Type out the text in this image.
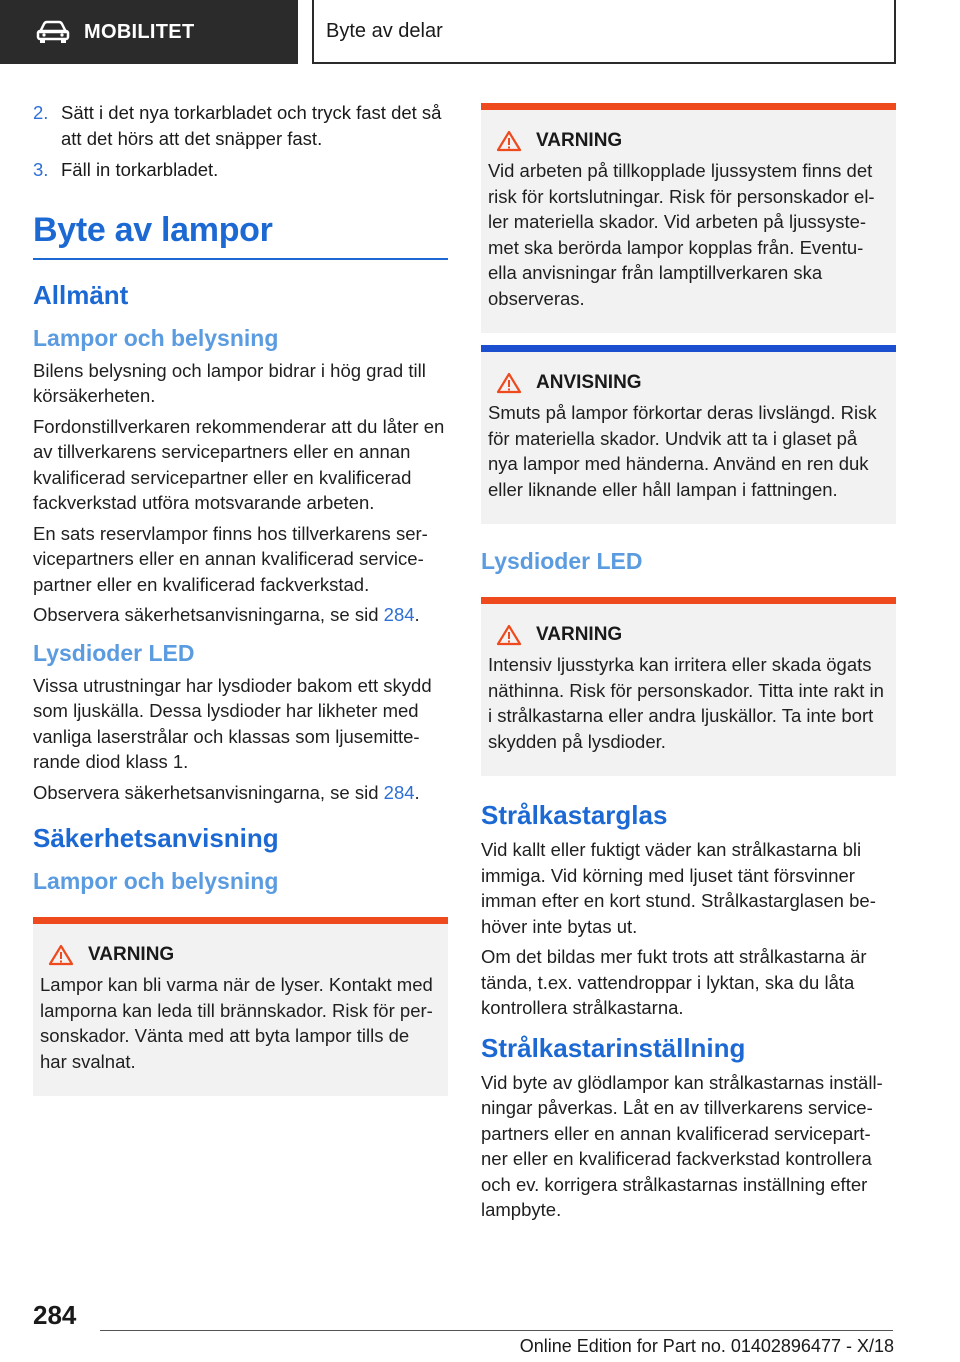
MOBILITET	Byte av delar
2. Sätt i det nya torkarbladet och tryck fast det så att det hörs att det snäpper fast.
3. Fäll in torkarbladet.
Byte av lampor
Allmänt
Lampor och belysning

Bilens belysning och lampor bidrar i hög grad till körsäkerheten.

Fordonstillverkaren rekommenderar att du låter en av tillverkarens servicepartners eller en annan kvalificerad servicepartner eller en kvalificerad fackverkstad utföra motsvarande arbeten.

En sats reservlampor finns hos tillverkarens ser-vicepartners eller en annan kvalificerad service-partner eller en kvalificerad fackverkstad.

Observera säkerhetsanvisningarna, se sid 284.

Lysdioder LED

Vissa utrustningar har lysdioder bakom ett skydd som ljuskälla. Dessa lysdioder har likheter med vanliga laserstrålar och klassas som ljusemitte-rande diod klass 1.

Observera säkerhetsanvisningarna, se sid 284.

Säkerhetsanvisning
Lampor och belysning
VARNING

Lampor kan bli varma när de lyser. Kontakt med lamporna kan leda till brännskador. Risk för per-sonskador. Vänta med att byta lampor tills de har svalnat.

VARNING

Vid arbeten på tillkopplade ljussystem finns det risk för kortslutningar. Risk för personskador el-ler materiella skador. Vid arbeten på ljussyste-met ska berörda lampor kopplas från. Eventu-ella anvisningar från lamptillverkaren ska observeras.

ANVISNING

Smuts på lampor förkortar deras livslängd. Risk för materiella skador. Undvik att ta i glaset på nya lampor med händerna. Använd en ren duk eller liknande eller håll lampan i fattningen.

Lysdioder LED
VARNING

Intensiv ljusstyrka kan irritera eller skada ögats näthinna. Risk för personskador. Titta inte rakt in i strålkastarna eller andra ljuskällor. Ta inte bort skydden på lysdioder.

Strålkastarglas

Vid kallt eller fuktigt väder kan strålkastarna bli immiga. Vid körning med ljuset tänt försvinner imman efter en kort stund. Strålkastarglasen be-höver inte bytas ut.

Om det bildas mer fukt trots att strålkastarna är tända, t.ex. vattendroppar i lyktan, ska du låta kontrollera strålkastarna.

Strålkastarinställning

Vid byte av glödlampor kan strålkastarnas inställ-ningar påverkas. Låt en av tillverkarens service-partners eller en annan kvalificerad servicepart-ner eller en kvalificerad fackverkstad kontrollera och ev. korrigera strålkastarnas inställning efter lampbyte.

284
Online Edition for Part no. 01402896477 - X/18
